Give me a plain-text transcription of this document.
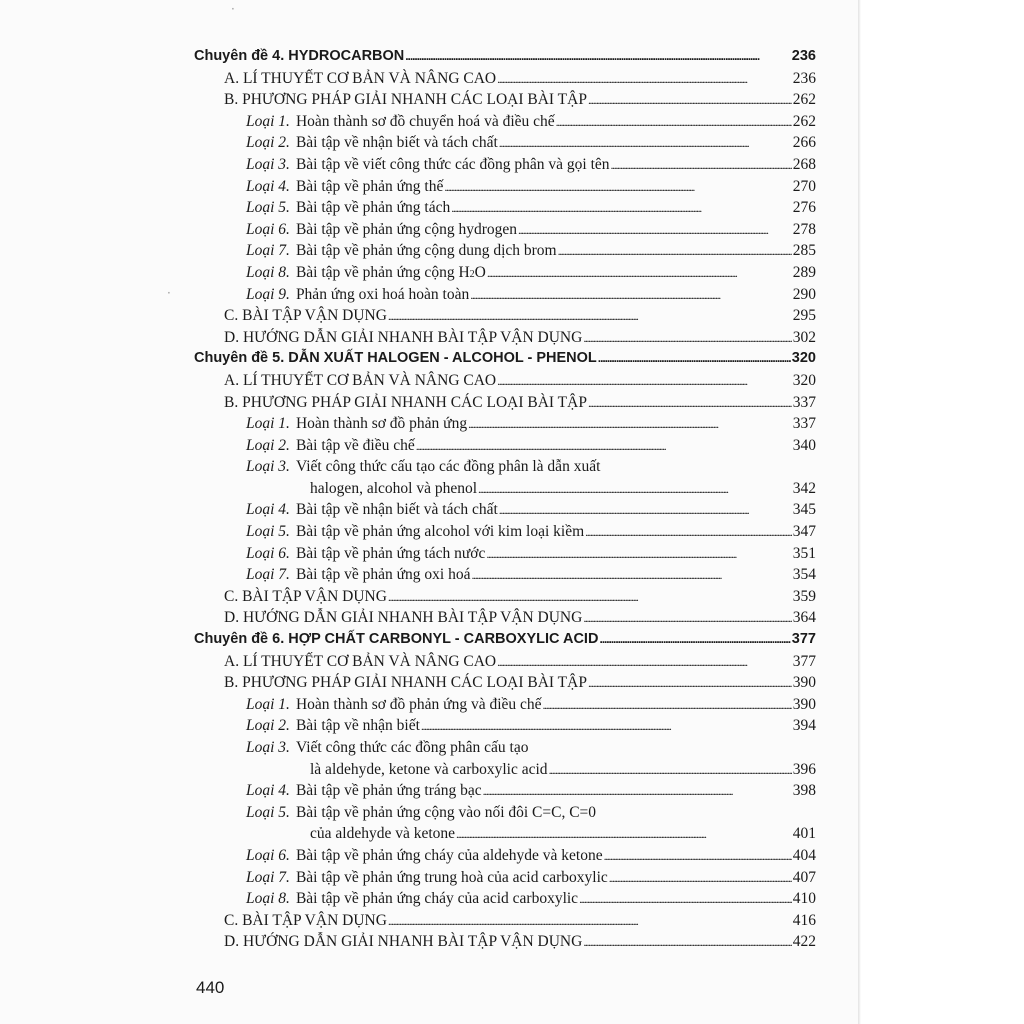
·
·
Chuyên đề 4. HYDROCARBON . . .	236
A. LÍ THUYẾT CƠ BẢN VÀ NÂNG CAO . . .	236
B. PHƯƠNG PHÁP GIẢI NHANH CÁC LOẠI BÀI TẬP . . .	262
Loại 1. Hoàn thành sơ đồ chuyển hoá và điều chế . . .	262
Loại 2. Bài tập về nhận biết và tách chất . . .	266
Loại 3. Bài tập về viết công thức các đồng phân và gọi tên . . .	268
Loại 4. Bài tập về phản ứng thế . . .	270
Loại 5. Bài tập về phản ứng tách . . .	276
Loại 6. Bài tập về phản ứng cộng hydrogen . . .	278
Loại 7. Bài tập về phản ứng cộng dung dịch brom . . .	285
Loại 8. Bài tập về phản ứng cộng H 2 O . . .	289
Loại 9. Phản ứng oxi hoá hoàn toàn . . .	290
C. BÀI TẬP VẬN DỤNG . . .	295
D. HƯỚNG DẪN GIẢI NHANH BÀI TẬP VẬN DỤNG . . .	302
Chuyên đề 5. DẪN XUẤT HALOGEN - ALCOHOL - PHENOL . . .	320
A. LÍ THUYẾT CƠ BẢN VÀ NÂNG CAO . . .	320
B. PHƯƠNG PHÁP GIẢI NHANH CÁC LOẠI BÀI TẬP . . .	337
Loại 1. Hoàn thành sơ đồ phản ứng . . .	337
Loại 2. Bài tập về điều chế . . .	340
Loại 3. Viết công thức cấu tạo các đồng phân là dẫn xuất
halogen, alcohol và phenol . . .	342
Loại 4. Bài tập về nhận biết và tách chất . . .	345
Loại 5. Bài tập về phản ứng alcohol với kim loại kiềm . . .	347
Loại 6. Bài tập về phản ứng tách nước . . .	351
Loại 7. Bài tập về phản ứng oxi hoá . . .	354
C. BÀI TẬP VẬN DỤNG . . .	359
D. HƯỚNG DẪN GIẢI NHANH BÀI TẬP VẬN DỤNG . . .	364
Chuyên đề 6. HỢP CHẤT CARBONYL - CARBOXYLIC ACID . . .	377
A. LÍ THUYẾT CƠ BẢN VÀ NÂNG CAO . . .	377
B. PHƯƠNG PHÁP GIẢI NHANH CÁC LOẠI BÀI TẬP . . .	390
Loại 1. Hoàn thành sơ đồ phản ứng và điều chế . . .	390
Loại 2. Bài tập về nhận biết . . .	394
Loại 3. Viết công thức các đồng phân cấu tạo
là aldehyde, ketone và carboxylic acid . . .	396
Loại 4. Bài tập về phản ứng tráng bạc . . .	398
Loại 5. Bài tập về phản ứng cộng vào nối đôi C=C, C=0
của aldehyde và ketone . . .	401
Loại 6. Bài tập về phản ứng cháy của aldehyde và ketone . . .	404
Loại 7. Bài tập về phản ứng trung hoà của acid carboxylic . . .	407
Loại 8. Bài tập về phản ứng cháy của acid carboxylic . . .	410
C. BÀI TẬP VẬN DỤNG . . .	416
D. HƯỚNG DẪN GIẢI NHANH BÀI TẬP VẬN DỤNG . . .	422
440
